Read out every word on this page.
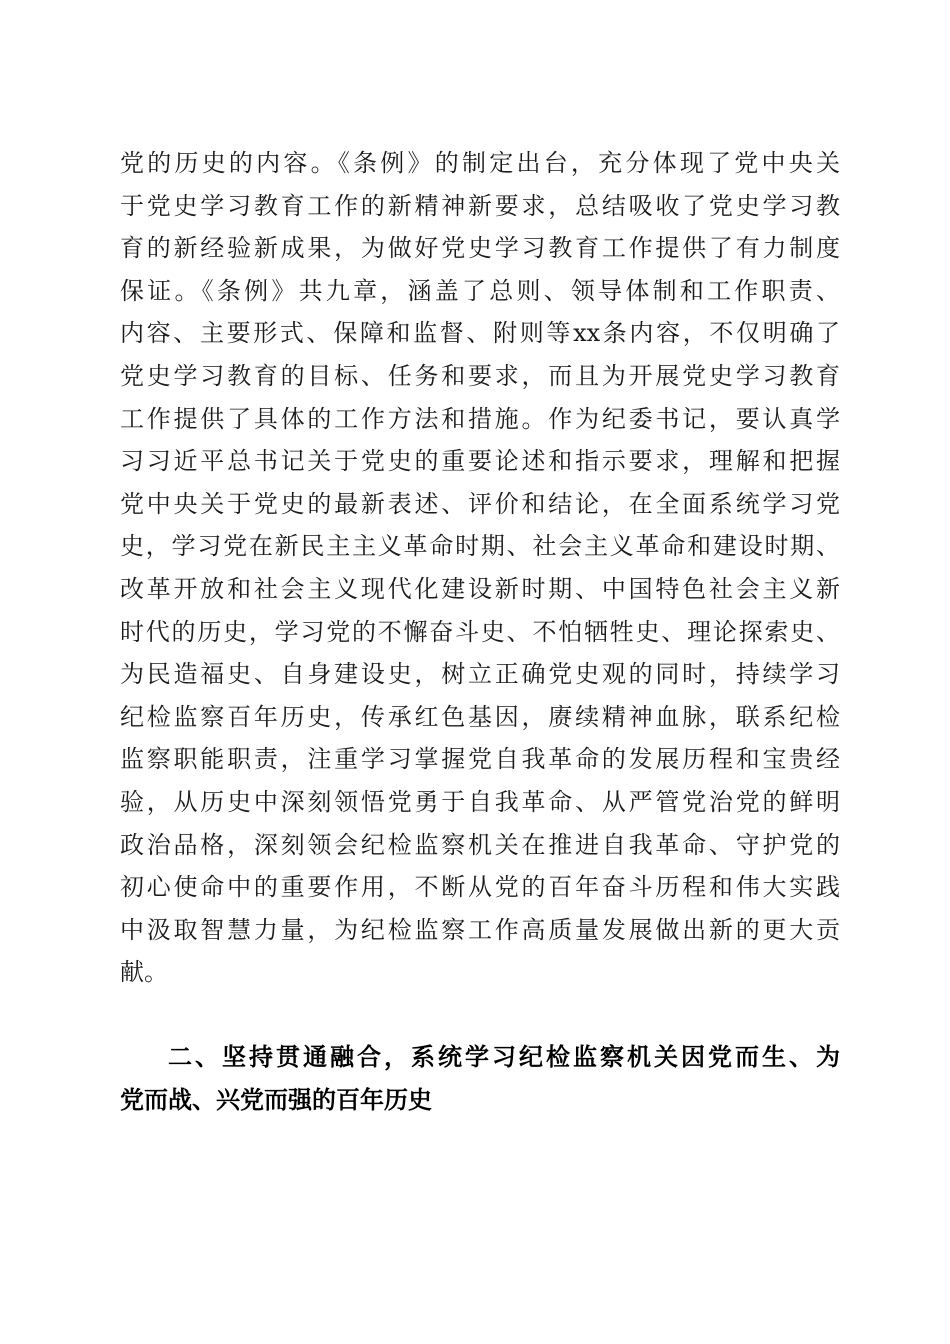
党的历史的内容。《条例》的制定出台，充分体现了党中央关
于党史学习教育工作的新精神新要求，总结吸收了党史学习教
育的新经验新成果，为做好党史学习教育工作提供了有力制度
保证。《条例》共九章，涵盖了总则、领导体制和工作职责、
内容、主要形式、保障和监督、附则等xx条内容，不仅明确了
党史学习教育的目标、任务和要求，而且为开展党史学习教育
工作提供了具体的工作方法和措施。作为纪委书记，要认真学
习习近平总书记关于党史的重要论述和指示要求，理解和把握
党中央关于党史的最新表述、评价和结论，在全面系统学习党
史，学习党在新民主主义革命时期、社会主义革命和建设时期、
改革开放和社会主义现代化建设新时期、中国特色社会主义新
时代的历史，学习党的不懈奋斗史、不怕牺牲史、理论探索史、
为民造福史、自身建设史，树立正确党史观的同时，持续学习
纪检监察百年历史，传承红色基因，赓续精神血脉，联系纪检
监察职能职责，注重学习掌握党自我革命的发展历程和宝贵经
验，从历史中深刻领悟党勇于自我革命、从严管党治党的鲜明
政治品格，深刻领会纪检监察机关在推进自我革命、守护党的
初心使命中的重要作用，不断从党的百年奋斗历程和伟大实践
中汲取智慧力量，为纪检监察工作高质量发展做出新的更大贡
献。
二、坚持贯通融合，系统学习纪检监察机关因党而生、为
党而战、兴党而强的百年历史
